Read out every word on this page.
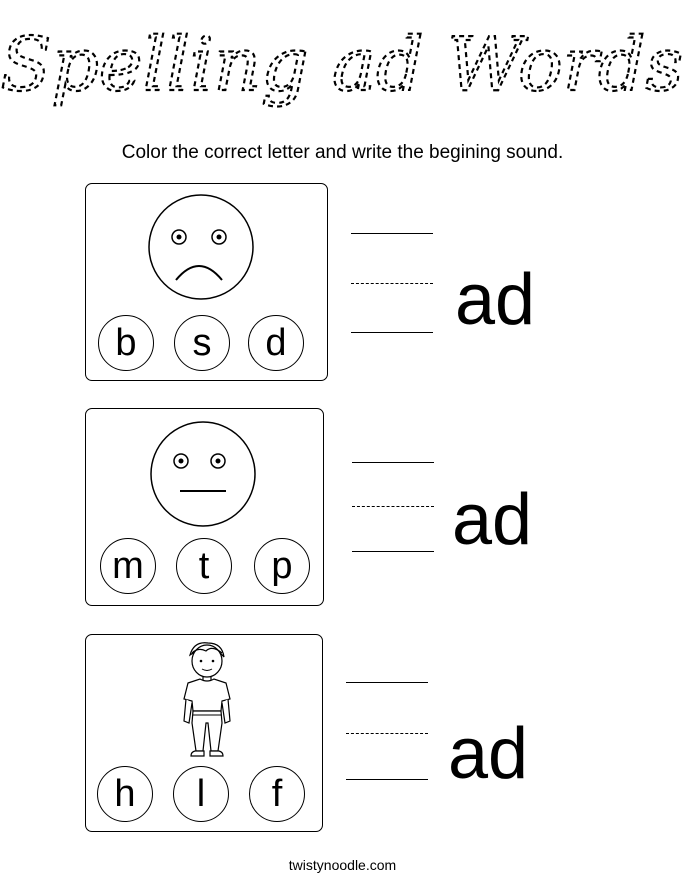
Spelling ad Words
Color the correct letter and write the begining sound.
b	s	d
ad
m	t	p
ad
h	l	f	ad
twistynoodle.com
